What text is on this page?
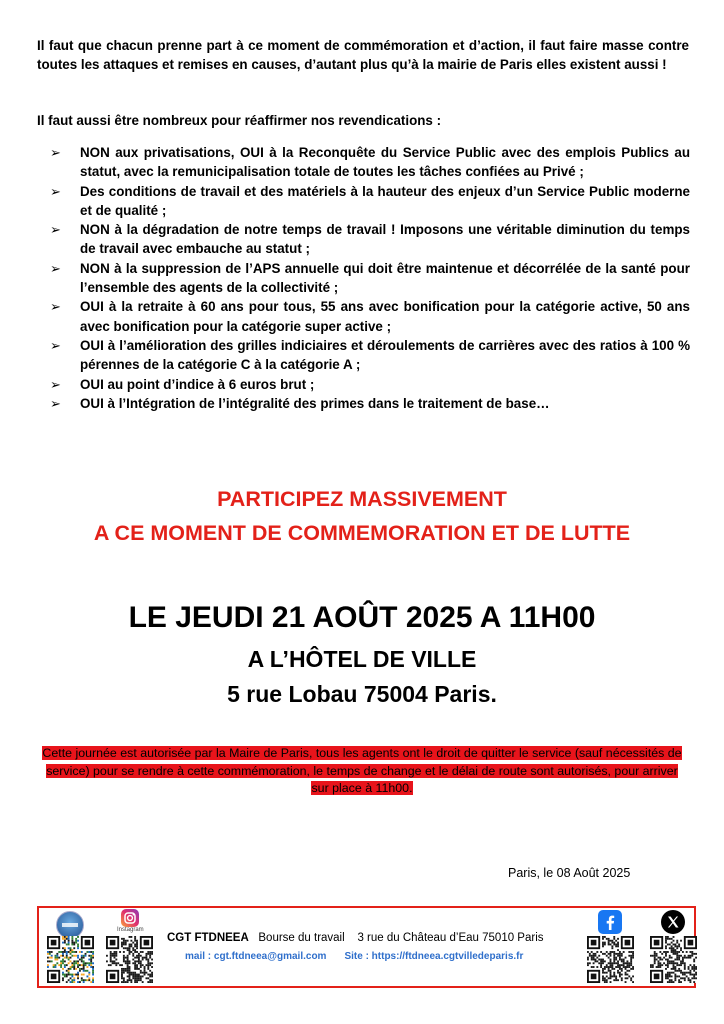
Il faut que chacun prenne part à ce moment de commémoration et d’action, il faut faire masse contre toutes les attaques et remises en causes, d’autant plus qu’à la mairie de Paris elles existent aussi !

Il faut aussi être nombreux pour réaffirmer nos revendications :

➢ NON aux privatisations, OUI à la Reconquête du Service Public avec des emplois Publics au statut, avec la remunicipalisation totale de toutes les tâches confiées au Privé ;
➢ Des conditions de travail et des matériels à la hauteur des enjeux d’un Service Public moderne et de qualité ;
➢ NON à la dégradation de notre temps de travail ! Imposons une véritable diminution du temps de travail avec embauche au statut ;
➢ NON à la suppression de l’APS annuelle qui doit être maintenue et décorrélée de la santé pour l’ensemble des agents de la collectivité ;
➢ OUI à la retraite à 60 ans pour tous, 55 ans avec bonification pour la catégorie active, 50 ans avec bonification pour la catégorie super active ;
➢ OUI à l’amélioration des grilles indiciaires et déroulements de carrières avec des ratios à 100 % pérennes de la catégorie C à la catégorie A ;
➢ OUI au point d’indice à 6 euros brut ;
➢ OUI à l’Intégration de l’intégralité des primes dans le traitement de base…

PARTICIPEZ MASSIVEMENT

A CE MOMENT DE COMMEMORATION ET DE LUTTE

LE JEUDI 21 AOÛT 2025 A 11H00

A L’HÔTEL DE VILLE

5 rue Lobau 75004 Paris.

Cette journée est autorisée par la Maire de Paris, tous les agents ont le droit de quitter le service (sauf nécessités de service) pour se rendre à cette commémoration, le temps de change et le délai de route sont autorisés, pour arriver sur place à 11h00.

Paris, le 08 Août 2025

Instagram

CGT FTDNEEA Bourse du travail 3 rue du Château d’Eau 75010 Paris

mail : cgt.ftdneea@gmail.com Site : https://ftdneea.cgtvilledeparis.fr
